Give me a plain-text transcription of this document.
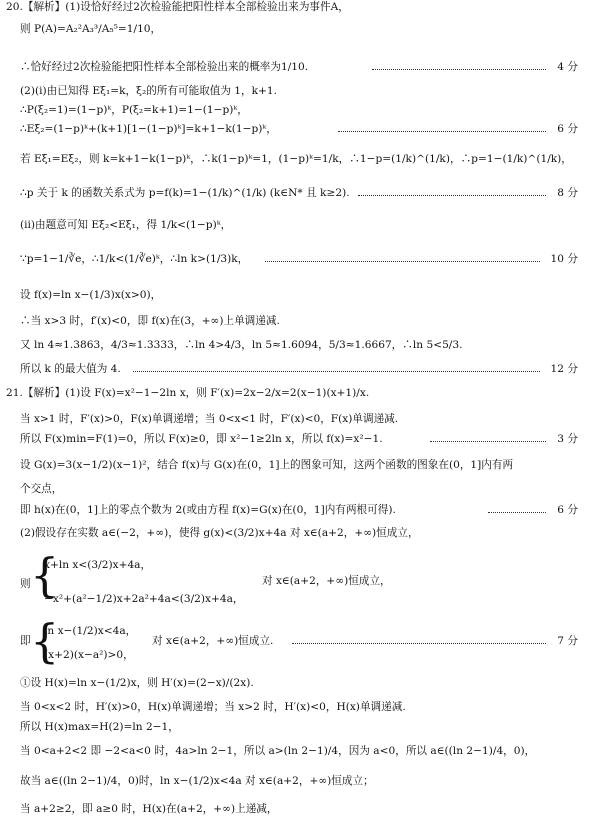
20.【解析】(1)设恰好经过2次检验能把阳性样本全部检验出来为事件A，
则 P(A)=A₂²A₃³/A₅⁵=1/10，
∴恰好经过2次检验能把阳性样本全部检验出来的概率为1/10.
(2)(ⅰ)由已知得 Eξ₁=k，ξ₂的所有可能取值为 1，k+1.
∴P(ξ₂=1)=(1−p)ᵏ，P(ξ₂=k+1)=1−(1−p)ᵏ，
∴Eξ₂=(1−p)ᵏ+(k+1)[1−(1−p)ᵏ]=k+1−k(1−p)ᵏ，
若 Eξ₁=Eξ₂，则 k=k+1−k(1−p)ᵏ，∴k(1−p)ᵏ=1，(1−p)ᵏ=1/k，∴1−p=(1/k)^(1/k)，∴p=1−(1/k)^(1/k)，
∴p 关于 k 的函数关系式为 p=f(k)=1−(1/k)^(1/k) (k∈N* 且 k≥2).
(ⅱ)由题意可知 Eξ₂<Eξ₁，得 1/k<(1−p)ᵏ，
∵p=1−1/∛e，∴1/k<(1/∛e)ᵏ，∴ln k>(1/3)k，
设 f(x)=ln x−(1/3)x(x>0)，
∴当 x>3 时，f′(x)<0，即 f(x)在(3，+∞)上单调递减.
又 ln 4≈1.3863，4/3≈1.3333，∴ln 4>4/3，ln 5≈1.6094，5/3≈1.6667，∴ln 5<5/3.
所以 k 的最大值为 4.
21.【解析】(1)设 F(x)=x²−1−2ln x，则 F′(x)=2x−2/x=2(x−1)(x+1)/x.
当 x>1 时，F′(x)>0，F(x)单调递增；当 0<x<1 时，F′(x)<0，F(x)单调递减.
所以 F(x)min=F(1)=0，所以 F(x)≥0，即 x²−1≥2ln x，所以 f(x)=x²−1.
设 G(x)=3(x−1/2)(x−1)²，结合 f(x)与 G(x)在(0，1]上的图象可知，这两个函数的图象在(0，1]内有两
个交点，
即 h(x)在(0，1]上的零点个数为 2(或由方程 f(x)=G(x)在(0，1]内有两根可得).
(2)假设存在实数 a∈(−2，+∞)，使得 g(x)<(3/2)x+4a 对 x∈(a+2，+∞)恒成立，
x+ln x<(3/2)x+4a，
则	对 x∈(a+2，+∞)恒成立，
−x²+(a²−1/2)x+2a²+4a<(3/2)x+4a，
ln x−(1/2)x<4a，
即	对 x∈(a+2，+∞)恒成立.
(x+2)(x−a²)>0，
①设 H(x)=ln x−(1/2)x，则 H′(x)=(2−x)/(2x).
当 0<x<2 时，H′(x)>0，H(x)单调递增；当 x>2 时，H′(x)<0，H(x)单调递减.
所以 H(x)max=H(2)=ln 2−1，
当 0<a+2<2 即 −2<a<0 时，4a>ln 2−1，所以 a>(ln 2−1)/4，因为 a<0，所以 a∈((ln 2−1)/4，0)，
故当 a∈((ln 2−1)/4，0)时，ln x−(1/2)x<4a 对 x∈(a+2，+∞)恒成立；
当 a+2≥2，即 a≥0 时，H(x)在(a+2，+∞)上递减，
4 分
6 分
8 分
10 分
12 分
3 分
6 分
7 分
{
{
